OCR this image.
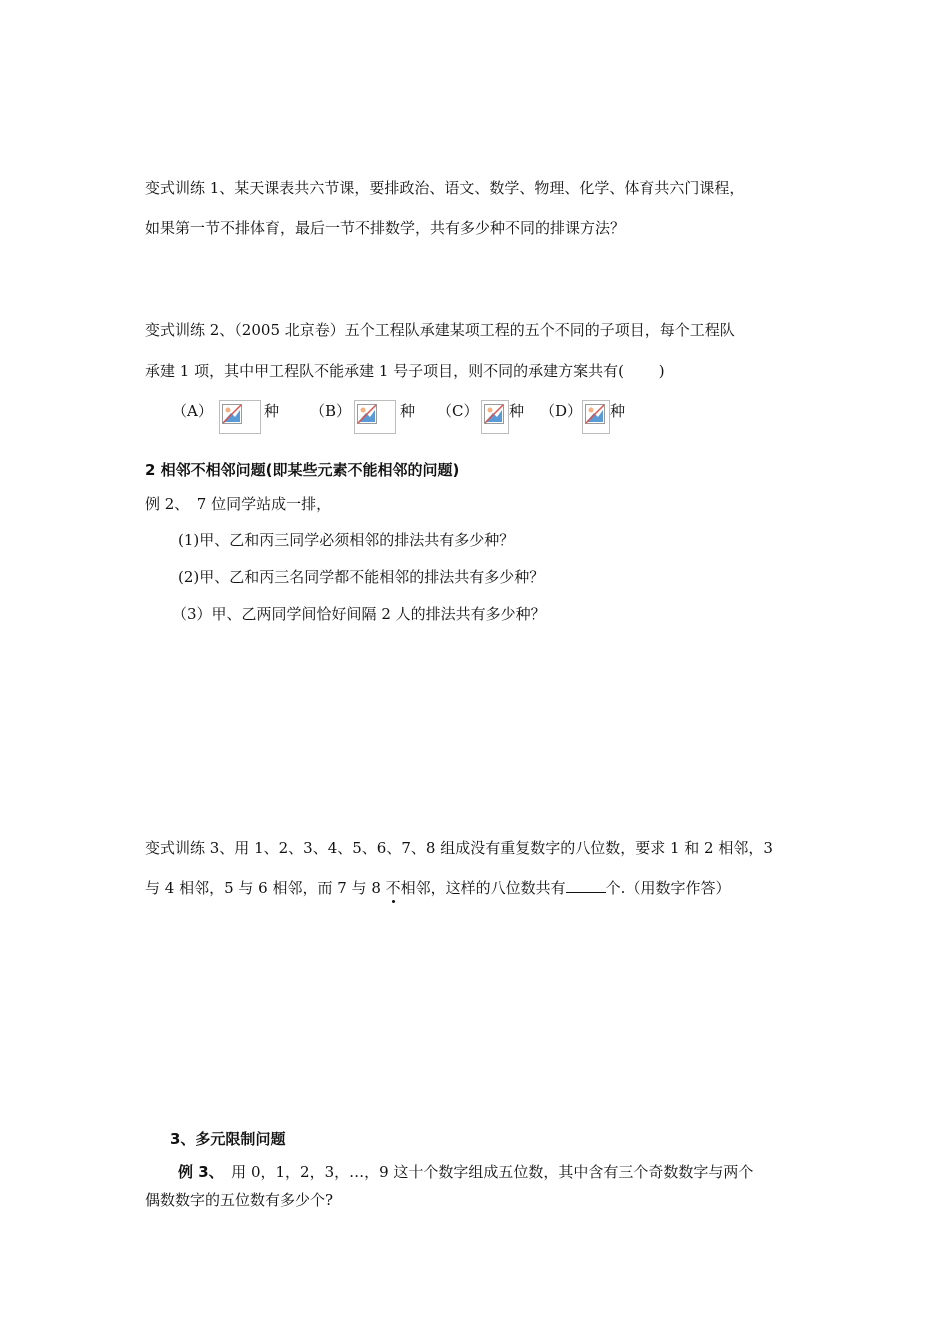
变式训练 1、某天课表共六节课，要排政治、语文、数学、物理、化学、体育共六门课程，
如果第一节不排体育，最后一节不排数学，共有多少种不同的排课方法？
变式训练 2、（2005 北京卷）五个工程队承建某项工程的五个不同的子项目，每个工程队
承建 1 项，其中甲工程队不能承建 1 号子项目，则不同的承建方案共有(　　 )
（A）	种 （B）	种 （C） 种 （D） 种
2 相邻不相邻问题(即某些元素不能相邻的问题)
例 2、　7 位同学站成一排，
(1)甲、乙和丙三同学必须相邻的排法共有多少种？
(2)甲、乙和丙三名同学都不能相邻的排法共有多少种？
（3）甲、乙两同学间恰好间隔 2 人的排法共有多少种？
变式训练 3、用 1、2、3、4、5、6、7、8 组成没有重复数字的八位数，要求 1 和 2 相邻，3
与 4 相邻，5 与 6 相邻，而 7 与 8 不相邻，这样的八位数共有	个.（用数字作答）
3、多元限制问题
例 3、　用 0，1，2，3，…，9 这十个数字组成五位数，其中含有三个奇数数字与两个
偶数数字的五位数有多少个?
